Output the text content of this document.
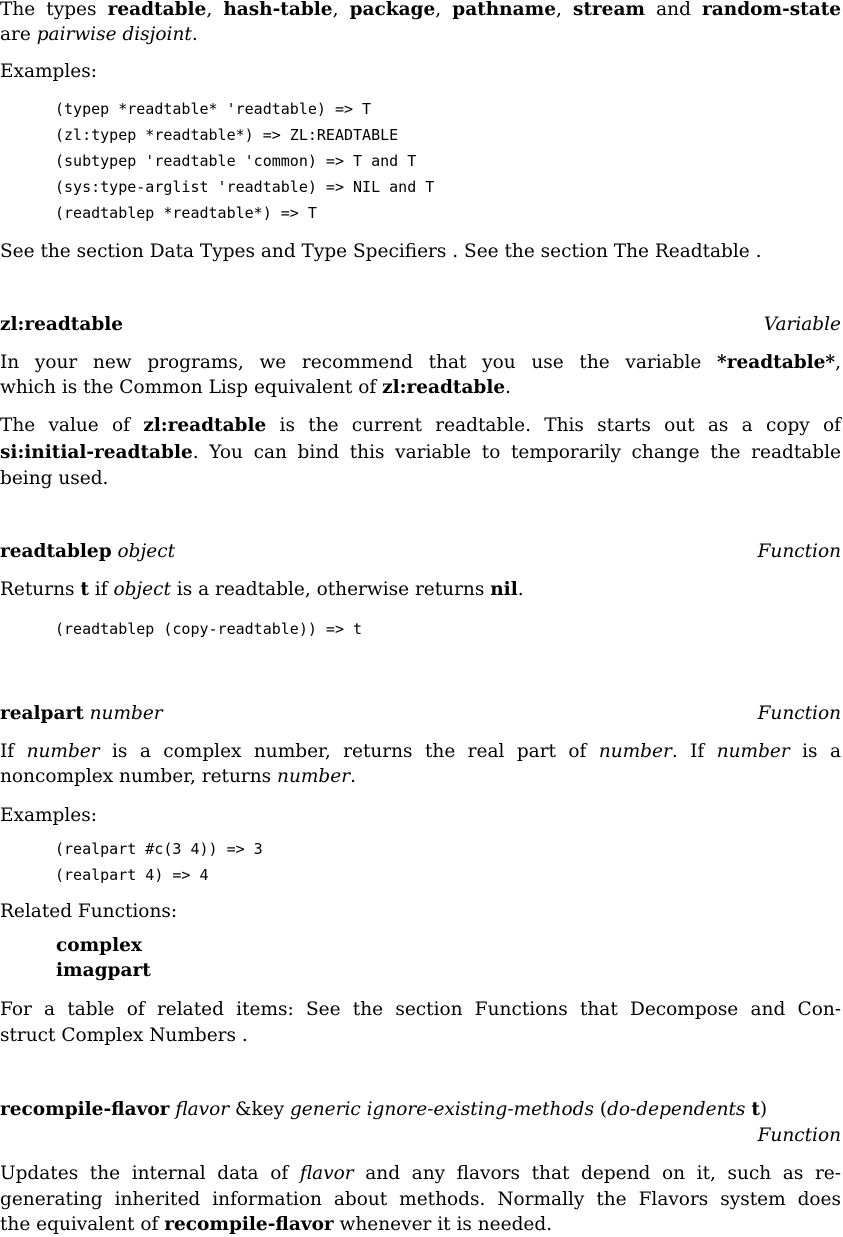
The types readtable, hash-table, package, pathname, stream and random-state
are pairwise disjoint.
Examples:
(typep *readtable* 'readtable) => T
(zl:typep *readtable*) => ZL:READTABLE
(subtypep 'readtable 'common) => T and T
(sys:type-arglist 'readtable) => NIL and T
(readtablep *readtable*) => T
See the section Data Types and Type Specifiers . See the section The Readtable .
zl:readtable	Variable
In your new programs, we recommend that you use the variable *readtable*,
which is the Common Lisp equivalent of zl:readtable.
The value of zl:readtable is the current readtable. This starts out as a copy of
si:initial-readtable. You can bind this variable to temporarily change the readtable
being used.
readtablep object	Function
Returns t if object is a readtable, otherwise returns nil.
(readtablep (copy-readtable)) => t
realpart number	Function
If number is a complex number, returns the real part of number. If number is a
noncomplex number, returns number.
Examples:
(realpart #c(3 4)) => 3
(realpart 4) => 4
Related Functions:
complex
imagpart
For a table of related items: See the section Functions that Decompose and Con-
struct Complex Numbers .
recompile-flavor flavor &key generic ignore-existing-methods (do-dependents t)
Function
Updates the internal data of flavor and any flavors that depend on it, such as re-
generating inherited information about methods. Normally the Flavors system does
the equivalent of recompile-flavor whenever it is needed.
